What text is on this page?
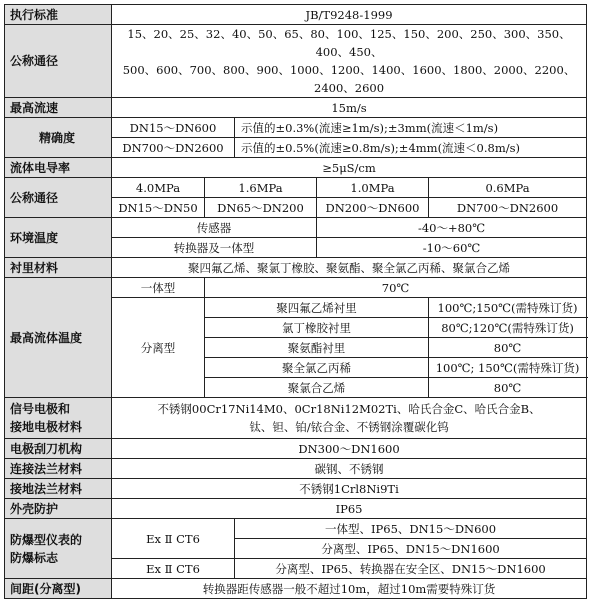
执行标准	JB/T9248-1999				
公称通径	15、20、25、32、40、50、65、80、100、125、150、200、250、300、350、400、450、
500、600、700、800、900、1000、1200、1400、1600、1800、2000、2200、2400、2600				

最高流速	15m/s				
精确度	DN15～DN600		示值的±0.3%(流速≥1m/s);±3mm(流速＜1m/s)		
	DN700～DN2600		示值的±0.5%(流速≥0.8m/s);±4mm(流速＜0.8m/s)		
流体电导率	≥5μS/cm				
公称通径	4.0MPa	1.6MPa		1.0MPa	0.6MPa
	DN15～DN50	DN65～DN200		DN200～DN600	DN700～DN2600
环境温度	传感器			-40～+80℃	
	转换器及一体型			-10～60℃	
衬里材料	聚四氟乙烯、聚氯丁橡胶、聚氨酯、聚全氯乙丙稀、聚氯合乙烯				
最高流体温度	一体型	70℃			
	分离型	聚四氟乙烯衬里			100℃;150℃(需特殊订货)
		氯丁橡胶衬里			80℃;120℃(需特殊订货)
		聚氨酯衬里			80℃
		聚全氯乙丙稀			100℃; 150℃(需特殊订货)
		聚氯合乙烯			80℃

信号电极和
接地电极材料	不锈钢00Cr17Ni14M0、0Cr18Ni12M02Ti、哈氏合金C、哈氏合金B、
钛、钽、铂/铱合金、不锈钢涂覆碳化钨				

电极刮刀机构	DN300～DN1600				
连接法兰材料	碳钢、不锈钢				
接地法兰材料	不锈钢1Crl8Ni9Ti				
外壳防护	IP65				

防爆型仪表的
防爆标志	Ex Ⅱ CT6		一体型、IP65、DN15～DN600		
			分离型、IP65、DN15～DN1600		
	Ex Ⅱ CT6		分离型、IP65、转换器在安全区、DN15～DN1600		
间距(分离型)	转换器距传感器一般不超过10m，超过10m需要特殊订货				
